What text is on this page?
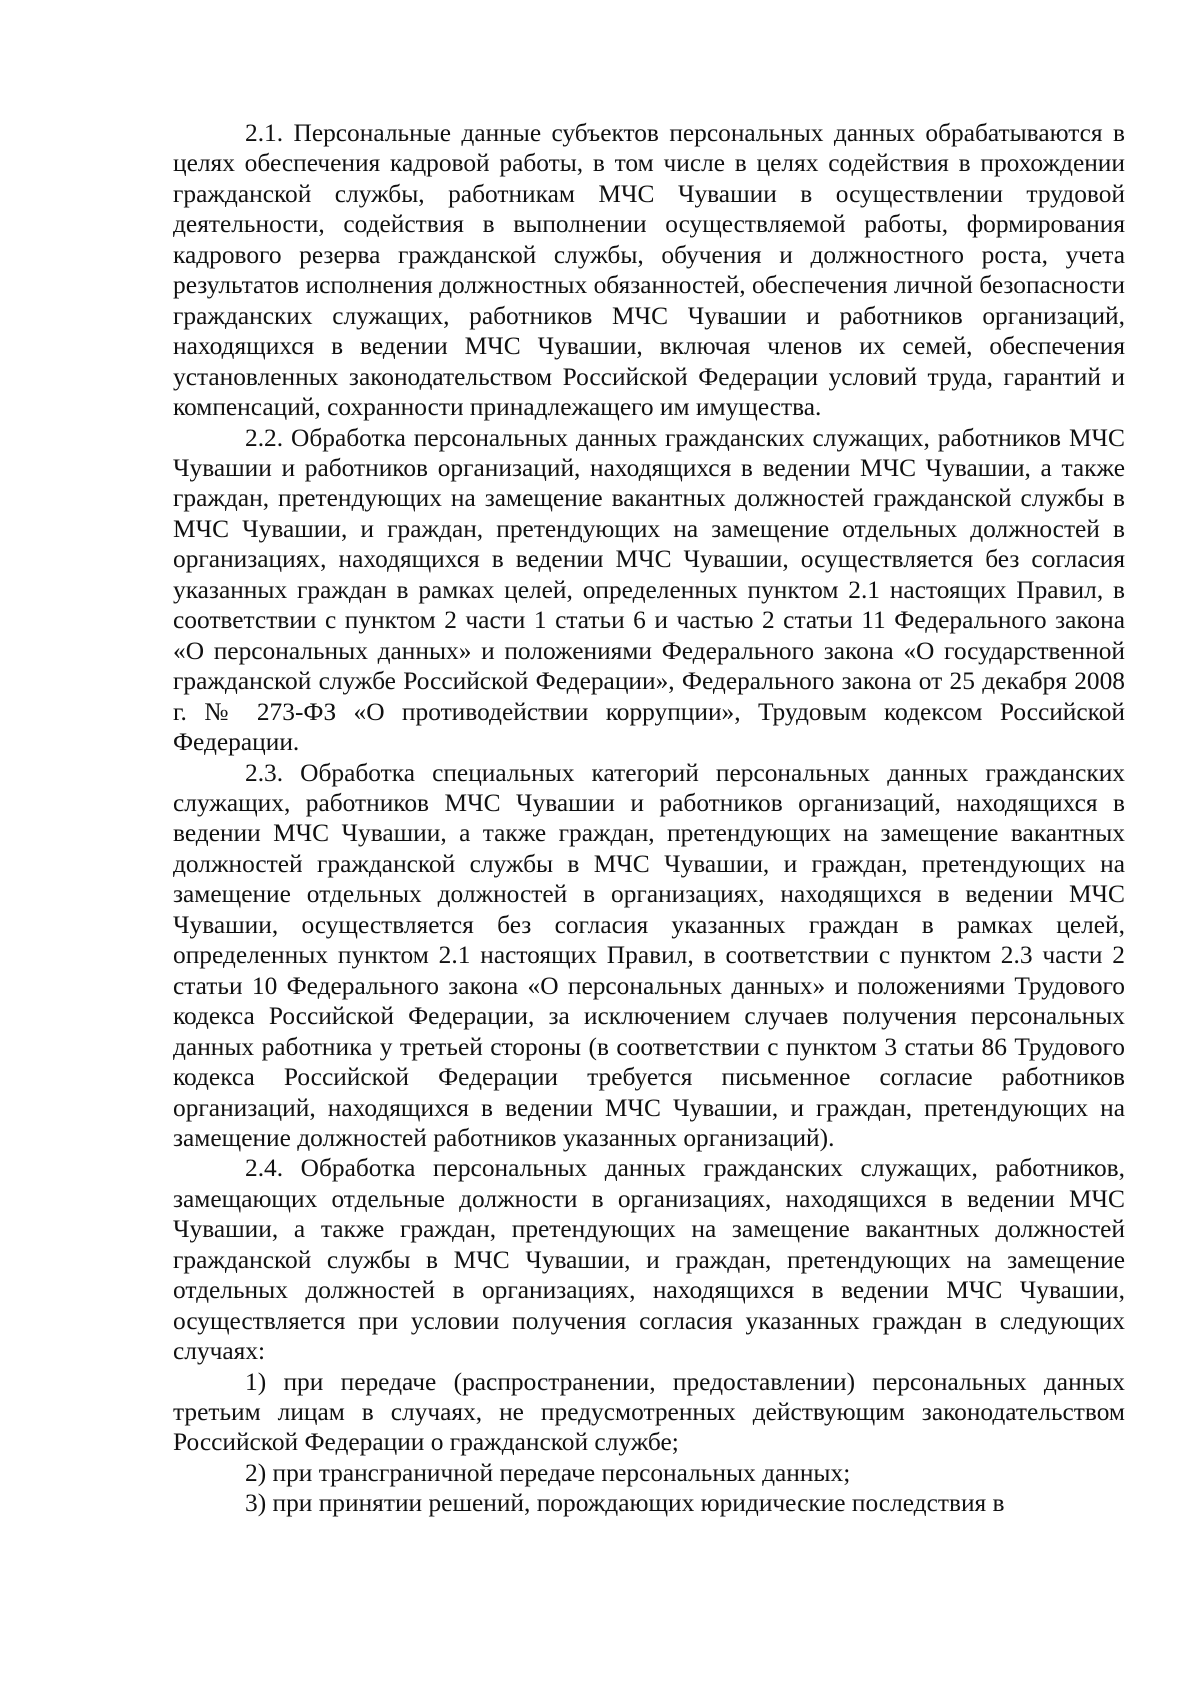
2.1. Персональные данные субъектов персональных данных обрабатываются в целях обеспечения кадровой работы, в том числе в целях содействия в прохождении гражданской службы, работникам МЧС Чувашии в осуществлении трудовой деятельности, содействия в выполнении осуществляемой работы, формирования кадрового резерва гражданской службы, обучения и должностного роста, учета результатов исполнения должностных обязанностей, обеспечения личной безопасности гражданских служащих, работников МЧС Чувашии и работников организаций, находящихся в ведении МЧС Чувашии, включая членов их семей, обеспечения установленных законодательством Российской Федерации условий труда, гарантий и компенсаций, сохранности принадлежащего им имущества.

2.2. Обработка персональных данных гражданских служащих, работников МЧС Чувашии и работников организаций, находящихся в ведении МЧС Чувашии, а также граждан, претендующих на замещение вакантных должностей гражданской службы в МЧС Чувашии, и граждан, претендующих на замещение отдельных должностей в организациях, находящихся в ведении МЧС Чувашии, осуществляется без согласия указанных граждан в рамках целей, определенных пунктом 2.1 настоящих Правил, в соответствии с пунктом 2 части 1 статьи 6 и частью 2 статьи 11 Федерального закона «О персональных данных» и положениями Федерального закона «О государственной гражданской службе Российской Федерации», Федерального закона от 25 декабря 2008 г. № 273-ФЗ «О противодействии коррупции», Трудовым кодексом Российской Федерации.

2.3. Обработка специальных категорий персональных данных гражданских служащих, работников МЧС Чувашии и работников организаций, находящихся в ведении МЧС Чувашии, а также граждан, претендующих на замещение вакантных должностей гражданской службы в МЧС Чувашии, и граждан, претендующих на замещение отдельных должностей в организациях, находящихся в ведении МЧС Чувашии, осуществляется без согласия указанных граждан в рамках целей, определенных пунктом 2.1 настоящих Правил, в соответствии с пунктом 2.3 части 2 статьи 10 Федерального закона «О персональных данных» и положениями Трудового кодекса Российской Федерации, за исключением случаев получения персональных данных работника у третьей стороны (в соответствии с пунктом 3 статьи 86 Трудового кодекса Российской Федерации требуется письменное согласие работников организаций, находящихся в ведении МЧС Чувашии, и граждан, претендующих на замещение должностей работников указанных организаций).

2.4. Обработка персональных данных гражданских служащих, работников, замещающих отдельные должности в организациях, находящихся в ведении МЧС Чувашии, а также граждан, претендующих на замещение вакантных должностей гражданской службы в МЧС Чувашии, и граждан, претендующих на замещение отдельных должностей в организациях, находящихся в ведении МЧС Чувашии, осуществляется при условии получения согласия указанных граждан в следующих случаях:

1) при передаче (распространении, предоставлении) персональных данных третьим лицам в случаях, не предусмотренных действующим законодательством Российской Федерации о гражданской службе;

2) при трансграничной передаче персональных данных;

3) при принятии решений, порождающих юридические последствия в
